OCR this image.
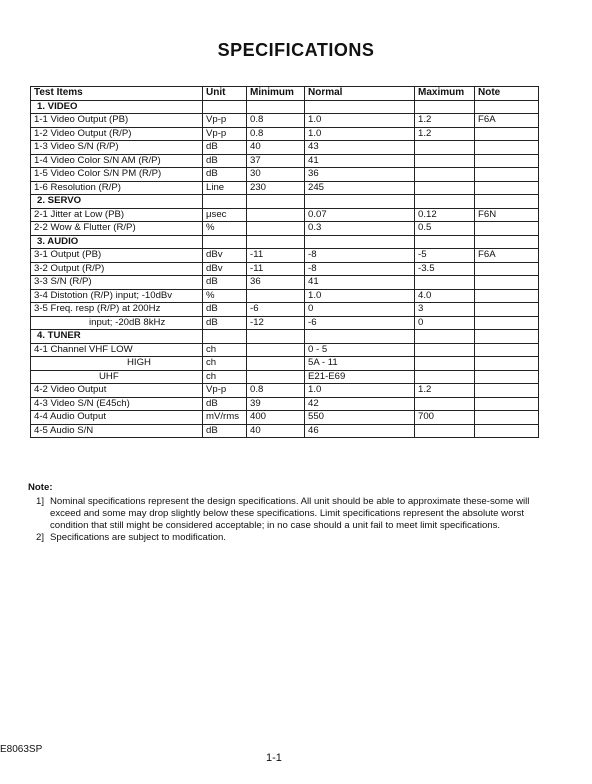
SPECIFICATIONS
Test Items	Unit	Minimum	Normal	Maximum	Note
1. VIDEO					
1-1 Video Output (PB)	Vp-p	0.8	1.0	1.2	F6A
1-2 Video Output (R/P)	Vp-p	0.8	1.0	1.2	
1-3 Video S/N (R/P)	dB	40	43		
1-4 Video Color S/N AM (R/P)	dB	37	41		
1-5 Video Color S/N PM (R/P)	dB	30	36		
1-6 Resolution (R/P)	Line	230	245		
2. SERVO					
2-1 Jitter at Low (PB)	μsec		0.07	0.12	F6N
2-2 Wow & Flutter (R/P)	%		0.3	0.5	
3. AUDIO					
3-1 Output (PB)	dBv	-11	-8	-5	F6A
3-2 Output (R/P)	dBv	-11	-8	-3.5	
3-3 S/N (R/P)	dB	36	41		
3-4 Distotion (R/P) input; -10dBv	%		1.0	4.0	
3-5 Freq. resp (R/P) at 200Hz	dB	-6	0	3	
input; -20dB 8kHz	dB	-12	-6	0	
4. TUNER					
4-1 Channel VHF LOW	ch		0 - 5		
HIGH	ch		5A - 11		
UHF	ch		E21-E69		
4-2 Video Output	Vp-p	0.8	1.0	1.2	
4-3 Video S/N (E45ch)	dB	39	42		
4-4 Audio Output	mV/rms	400	550	700	
4-5 Audio S/N	dB	40	46		
Note:
1] Nominal specifications represent the design specifications. All unit should be able to approximate these-some will exceed and some may drop slightly below these specifications. Limit specifications represent the absolute worst condition that still might be considered acceptable; in no case should a unit fail to meet limit specifications.
2] Specifications are subject to modification.
E8063SP
1-1
